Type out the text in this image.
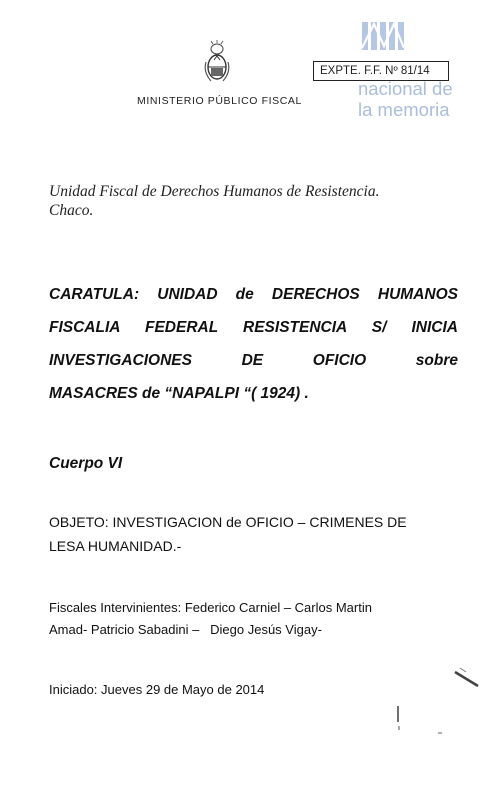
MINISTERIO PÚBLICO FISCAL
EXPTE. F.F. Nº 81/14
nacional de
la memoria
Unidad Fiscal de Derechos Humanos de Resistencia.
Chaco.
CARATULA: UNIDAD de DERECHOS HUMANOS
FISCALIA FEDERAL RESISTENCIA S/ INICIA
INVESTIGACIONES DE OFICIO sobre
MASACRES de “NAPALPI “( 1924) .
Cuerpo VI
OBJETO: INVESTIGACION de OFICIO – CRIMENES DE
LESA HUMANIDAD.-
Fiscales Intervinientes: Federico Carniel – Carlos Martin
Amad- Patricio Sabadini –   Diego Jesús Vigay-
Iniciado: Jueves 29 de Mayo de 2014
